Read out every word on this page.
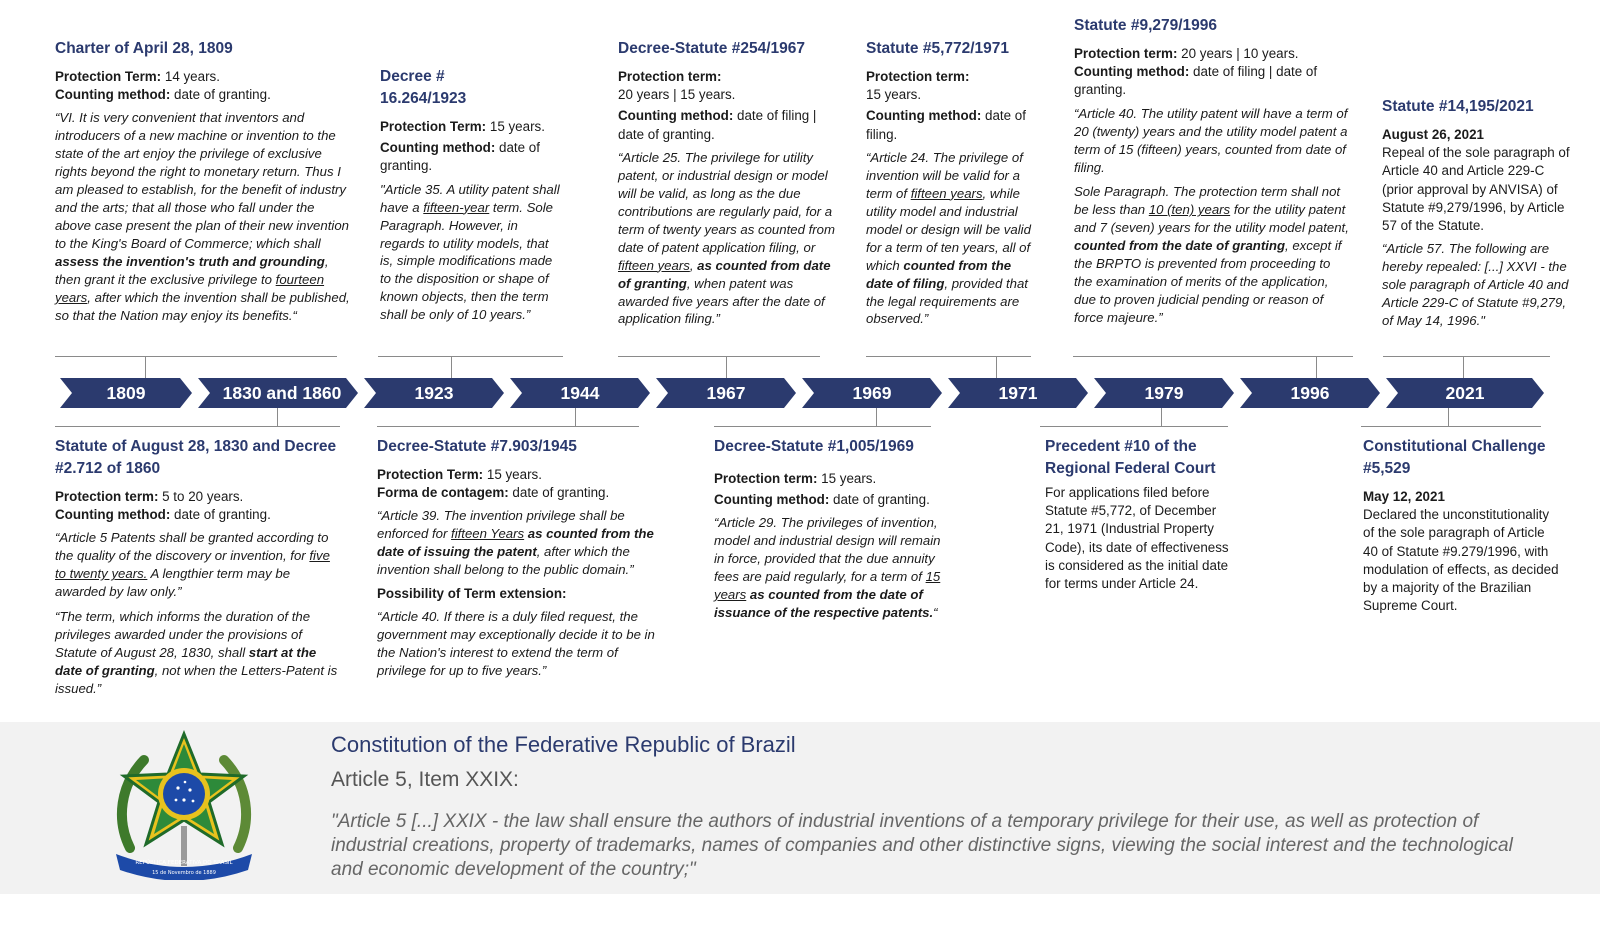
Charter of April 28, 1809

Protection Term: 14 years.

Counting method: date of granting.

“VI. It is very convenient that inventors and introducers of a new machine or invention to the state of the art enjoy the privilege of exclusive rights beyond the right to monetary return. Thus I am pleased to establish, for the benefit of industry and the arts; that all those who fall under the above case present the plan of their new invention to the King's Board of Commerce; which shall assess the invention's truth and grounding, then grant it the exclusive privilege to fourteen years, after which the invention shall be published, so that the Nation may enjoy its benefits.“

Decree # 16.264/1923

Protection Term: 15 years.

Counting method: date of granting.

"Article 35. A utility patent shall have a fifteen-year term. Sole Paragraph. However, in regards to utility models, that is, simple modifications made to the disposition or shape of known objects, then the term shall be only of 10 years.”

Decree-Statute #254/1967

Protection term:

20 years | 15 years.

Counting method: date of filing | date of granting.

“Article 25. The privilege for utility patent, or industrial design or model will be valid, as long as the due contributions are regularly paid, for a term of twenty years as counted from date of patent application filing, or fifteen years, as counted from date of granting, when patent was awarded five years after the date of application filing.”

Statute #5,772/1971

Protection term:

15 years.

Counting method: date of filing.

“Article 24. The privilege of invention will be valid for a term of fifteen years, while utility model and industrial model or design will be valid for a term of ten years, all of which counted from the date of filing, provided that the legal requirements are observed.”

Statute #9,279/1996

Protection term: 20 years | 10 years.

Counting method: date of filing | date of granting.

“Article 40. The utility patent will have a term of 20 (twenty) years and the utility model patent a term of 15 (fifteen) years, counted from date of filing.

Sole Paragraph. The protection term shall not be less than 10 (ten) years for the utility patent and 7 (seven) years for the utility model patent, counted from the date of granting, except if the BRPTO is prevented from proceeding to the examination of merits of the application, due to proven judicial pending or reason of force majeure.”

Statute #14,195/2021

August 26, 2021

Repeal of the sole paragraph of Article 40 and Article 229-C (prior approval by ANVISA) of Statute #9,279/1996, by Article 57 of the Statute.

“Article 57. The following are hereby repealed: [...] XXVI - the sole paragraph of Article 40 and Article 229-C of Statute #9,279, of May 14, 1996."

Statute of August 28, 1830 and Decree #2.712 of 1860

Protection term: 5 to 20 years.

Counting method: date of granting.

“Article 5 Patents shall be granted according to the quality of the discovery or invention, for five to twenty years. A lengthier term may be awarded by law only.”

“The term, which informs the duration of the privileges awarded under the provisions of Statute of August 28, 1830, shall start at the date of granting, not when the Letters-Patent is issued.”

Decree-Statute #7.903/1945

Protection Term: 15 years.

Forma de contagem: date of granting.

“Article 39. The invention privilege shall be enforced for fifteen Years as counted from the date of issuing the patent, after which the invention shall belong to the public domain.”

Possibility of Term extension:

“Article 40. If there is a duly filed request, the government may exceptionally decide it to be in the Nation's interest to extend the term of privilege for up to five years.”

Decree-Statute #1,005/1969

Protection term: 15 years.

Counting method: date of granting.

“Article 29. The privileges of invention, model and industrial design will remain in force, provided that the due annuity fees are paid regularly, for a term of 15 years as counted from the date of issuance of the respective patents.“

Precedent #10 of the Regional Federal Court

For applications filed before Statute #5,772, of December 21, 1971 (Industrial Property Code), its date of effectiveness is considered as the initial date for terms under Article 24.

Constitutional Challenge #5,529

May 12, 2021

Declared the unconstitutionality of the sole paragraph of Article 40 of Statute #9.279/1996, with modulation of effects, as decided by a majority of the Brazilian Supreme Court.

1809	1830 and 1860	1923	1944	1967	1969	1971	1979	1996	2021
REPÚBLICA FEDERATIVA DO BRASIL
15 de Novembro de 1889
Constitution of the Federative Republic of Brazil
Article 5, Item XXIX:

"Article 5 [...] XXIX - the law shall ensure the authors of industrial inventions of a temporary privilege for their use, as well as protection of industrial creations, property of trademarks, names of companies and other distinctive signs, viewing the social interest and the technological and economic development of the country;"
